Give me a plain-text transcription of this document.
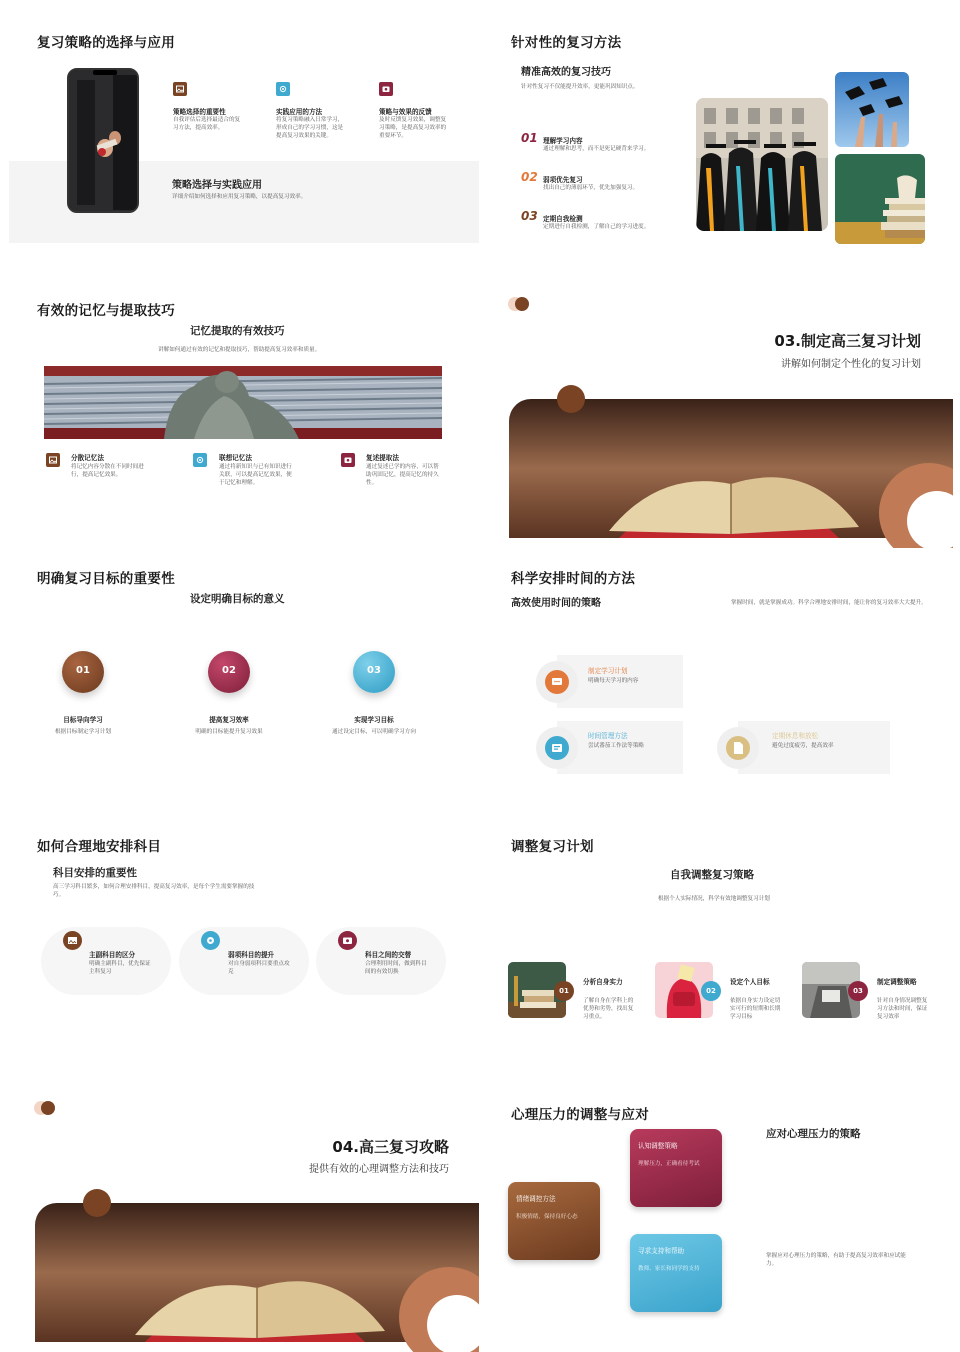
复习策略的选择与应用
策略选择的重要性
自我评估后选择最适合的复习方法，提高效率。
实践应用的方法
将复习策略融入日常学习，形成自己的学习习惯，这是提高复习效果的关键。
策略与效果的反馈
及时反馈复习效果，调整复习策略，是提高复习效率的重要环节。
策略选择与实践应用
详细介绍如何选择和应用复习策略，以提高复习效率。
针对性的复习方法
精准高效的复习技巧
针对性复习不仅能提升效率，更能巩固知识点。
01 理解学习内容
通过理解和思考，而不是死记硬背来学习。
02 弱项优先复习
找出自己的薄弱环节，优先加强复习。
03 定期自我检测
定期进行自我检测，了解自己的学习进度。
有效的记忆与提取技巧
记忆提取的有效技巧
讲解如何通过有效的记忆和提取技巧，帮助提高复习效率和质量。
分散记忆法
将记忆内容分散在不同时间进行，提高记忆效果。
联想记忆法
通过将新知识与已有知识进行关联，可以提高记忆效果，便于记忆和理解。
复述提取法
通过复述已学的内容，可以帮助巩固记忆，提高记忆的持久性。
03.制定高三复习计划
讲解如何制定个性化的复习计划
明确复习目标的重要性
设定明确目标的意义
01
目标导向学习
根据目标制定学习计划
02
提高复习效率
明确的目标能提升复习效果
03
实现学习目标
通过设定目标，可以明确学习方向
科学安排时间的方法
高效使用时间的策略	掌握时间，就是掌握成功。科学合理地安排时间，能让你的复习效率大大提升。
制定学习计划
明确每天学习的内容
时间管理方法
尝试番茄工作法等策略
定期休息和放松
避免过度疲劳，提高效率
如何合理地安排科目
科目安排的重要性
高三学习科目繁多，如何合理安排科目，提高复习效率，是每个学生需要掌握的技巧。
主副科目的区分
明确主副科目，优先保证主科复习
弱项科目的提升
对自身弱项科目要重点攻克
科目之间的交替
合理利用时间，做到科目间的有效切换
调整复习计划
自我调整复习策略
根据个人实际情况，科学有效地调整复习计划
01
分析自身实力
了解自身在学科上的优势和劣势，找出复习重点。
02
设定个人目标
依据自身实力设定切实可行的短期和长期学习目标
03
制定调整策略
针对自身情况调整复习方法和时间，保证复习效率
04.高三复习攻略
提供有效的心理调整方法和技巧
心理压力的调整与应对
应对心理压力的策略
掌握应对心理压力的策略，有助于提高复习效率和应试能力。
情绪调控方法
积极情绪，保持良好心态
认知调整策略
理解压力，正确看待考试
寻求支持和帮助
教师、家长和同学的支持
